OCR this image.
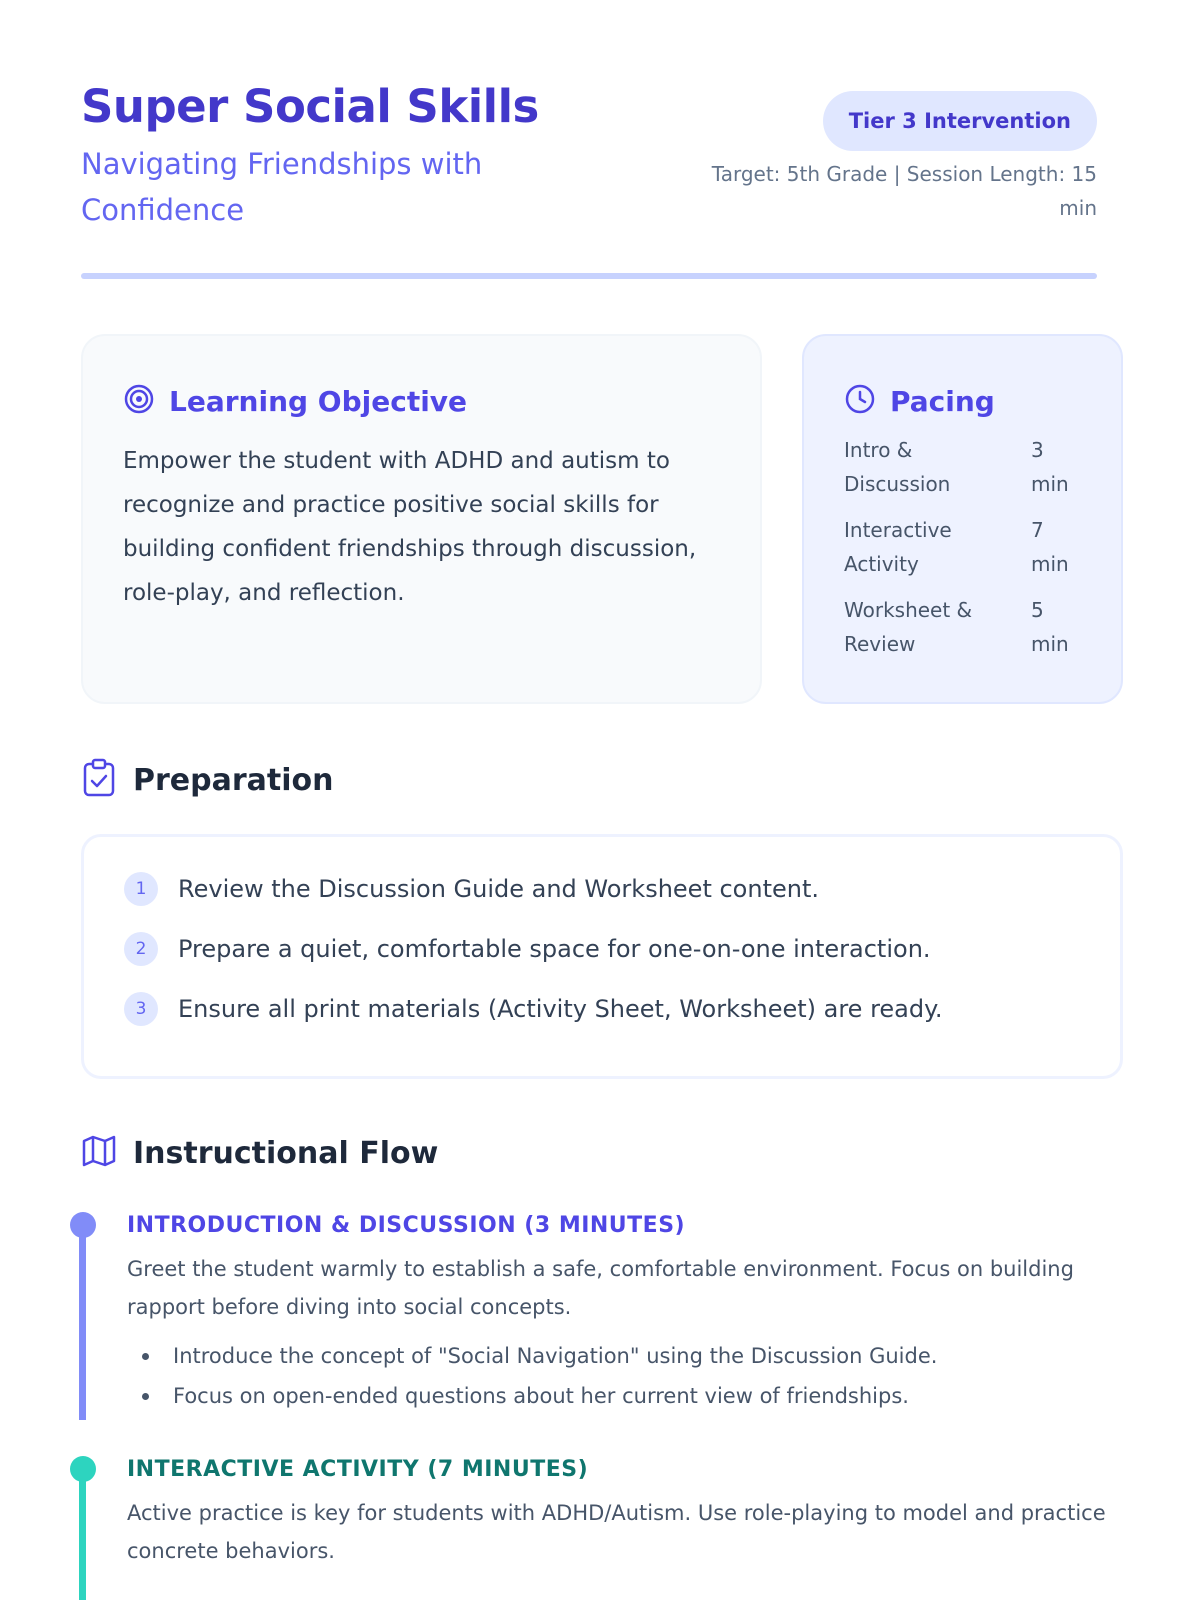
Super Social Skills
Navigating Friendships with Confidence
Tier 3 Intervention
Target: 5th Grade | Session Length: 15 min
Learning Objective

Empower the student with ADHD and autism to recognize and practice positive social skills for building confident friendships through discussion, role-play, and reflection.

Pacing
Intro & Discussion
3 min
Interactive Activity
7 min
Worksheet & Review
5 min
Preparation
1	Review the Discussion Guide and Worksheet content.
2	Prepare a quiet, comfortable space for one-on-one interaction.
3	Ensure all print materials (Activity Sheet, Worksheet) are ready.
Instructional Flow
INTRODUCTION & DISCUSSION (3 MINUTES)

Greet the student warmly to establish a safe, comfortable environment. Focus on building rapport before diving into social concepts.

Introduce the concept of "Social Navigation" using the Discussion Guide.
Focus on open-ended questions about her current view of friendships.
INTERACTIVE ACTIVITY (7 MINUTES)

Active practice is key for students with ADHD/Autism. Use role-playing to model and practice concrete behaviors.
